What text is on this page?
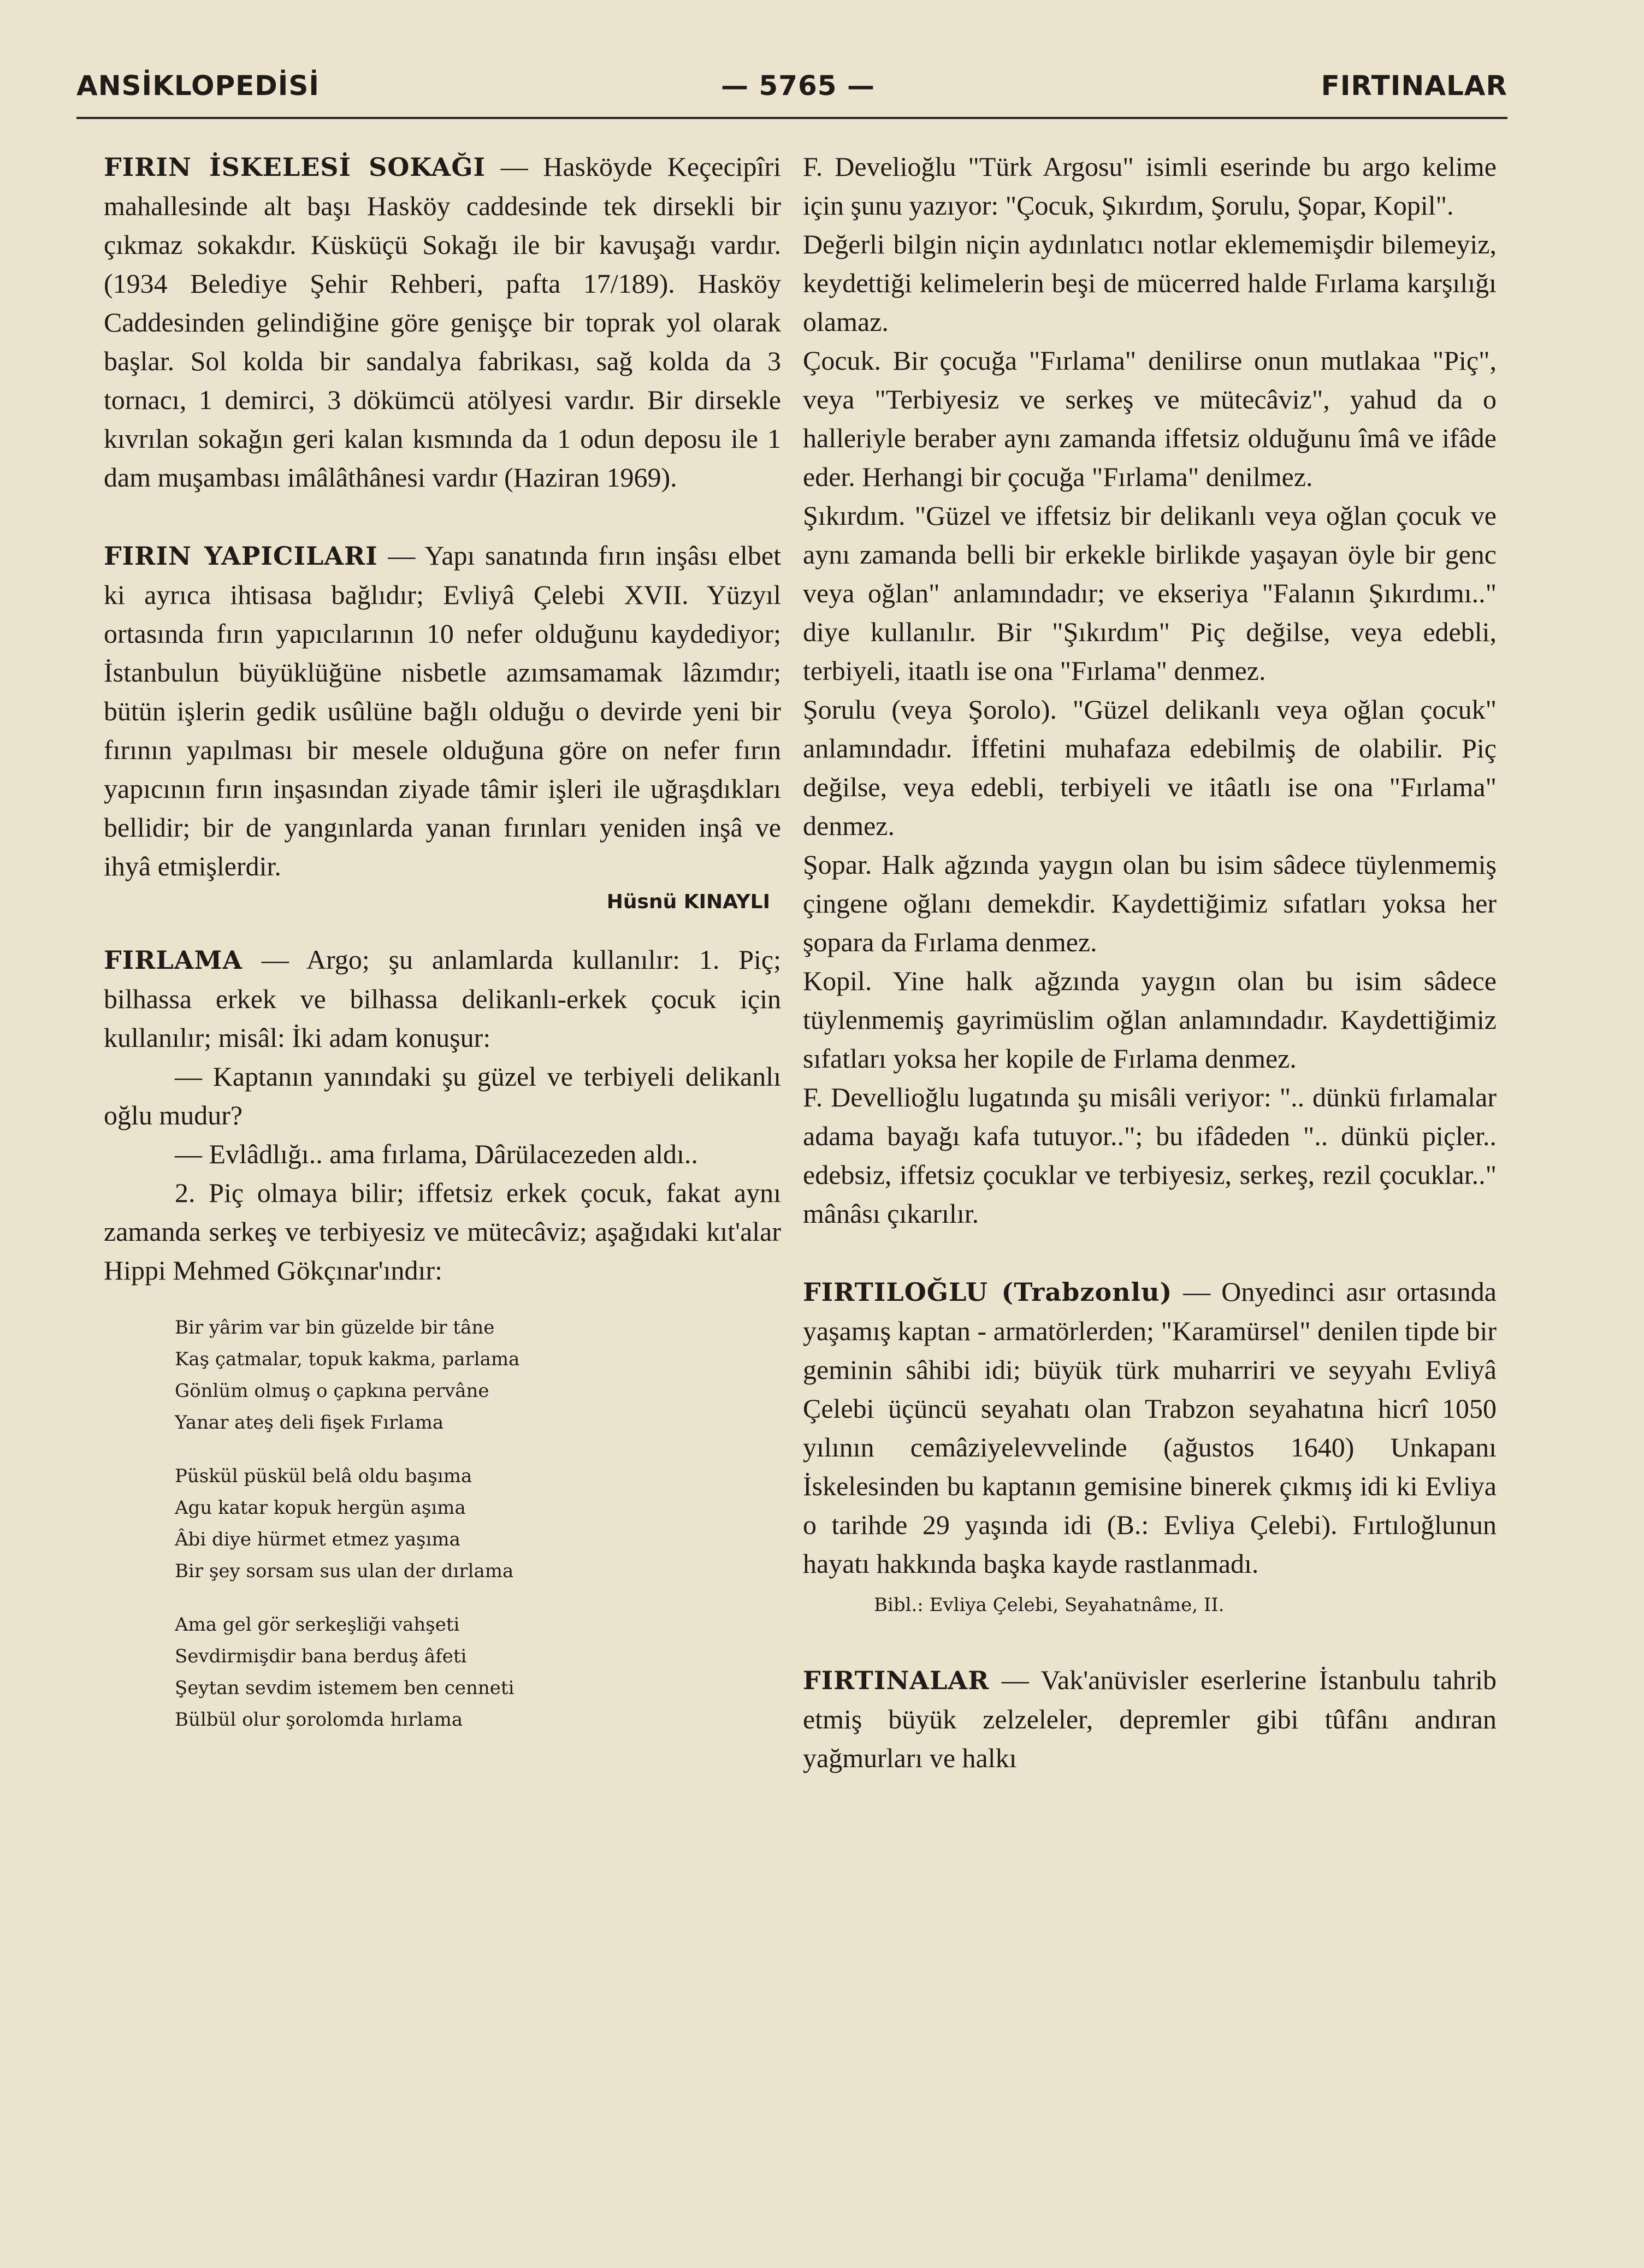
ANSİKLOPEDİSİ	— 5765 —	FIRTINALAR

FIRIN İSKELESİ SOKAĞI — Hasköyde Keçecipîri mahallesinde alt başı Hasköy caddesinde tek dirsekli bir çıkmaz sokakdır. Küsküçü Sokağı ile bir kavuşağı vardır. (1934 Belediye Şehir Rehberi, pafta 17/189). Hasköy Caddesinden gelindiğine göre genişçe bir toprak yol olarak başlar. Sol kolda bir sandalya fabrikası, sağ kolda da 3 tornacı, 1 demirci, 3 dökümcü atölyesi vardır. Bir dirsekle kıvrılan sokağın geri kalan kısmında da 1 odun deposu ile 1 dam muşambası imâlâthânesi vardır (Haziran 1969).

FIRIN YAPICILARI — Yapı sanatında fırın inşâsı elbet ki ayrıca ihtisasa bağlıdır; Evliyâ Çelebi XVII. Yüzyıl ortasında fırın yapıcılarının 10 nefer olduğunu kaydediyor; İstanbulun büyüklüğüne nisbetle azımsamamak lâzımdır; bütün işlerin gedik usûlüne bağlı olduğu o devirde yeni bir fırının yapılması bir mesele olduğuna göre on nefer fırın yapıcının fırın inşasından ziyade tâmir işleri ile uğraşdıkları bellidir; bir de yangınlarda yanan fırınları yeniden inşâ ve ihyâ etmişlerdir.

Hüsnü KINAYLI

FIRLAMA — Argo; şu anlamlarda kullanılır: 1. Piç; bilhassa erkek ve bilhassa delikanlı-erkek çocuk için kullanılır; misâl: İki adam konuşur:

— Kaptanın yanındaki şu güzel ve terbiyeli delikanlı oğlu mudur?

— Evlâdlığı.. ama fırlama, Dârülacezeden aldı..

2. Piç olmaya bilir; iffetsiz erkek çocuk, fakat aynı zamanda serkeş ve terbiyesiz ve mütecâviz; aşağıdaki kıt'alar Hippi Mehmed Gökçınar'ındır:

Bir yârim var bin güzelde bir tâne
Kaş çatmalar, topuk kakma, parlama
Gönlüm olmuş o çapkına pervâne
Yanar ateş deli fişek Fırlama
Püskül püskül belâ oldu başıma
Agu katar kopuk hergün aşıma
Âbi diye hürmet etmez yaşıma
Bir şey sorsam sus ulan der dırlama
Ama gel gör serkeşliği vahşeti
Sevdirmişdir bana berduş âfeti
Şeytan sevdim istemem ben cenneti
Bülbül olur şorolomda hırlama

F. Develioğlu "Türk Argosu" isimli eserinde bu argo kelime için şunu yazıyor: "Çocuk, Şıkırdım, Şorulu, Şopar, Kopil".

Değerli bilgin niçin aydınlatıcı notlar eklememişdir bilemeyiz, keydettiği kelimelerin beşi de mücerred halde Fırlama karşılığı olamaz.

Çocuk. Bir çocuğa "Fırlama" denilirse onun mutlakaa "Piç", veya "Terbiyesiz ve serkeş ve mütecâviz", yahud da o halleriyle beraber aynı zamanda iffetsiz olduğunu îmâ ve ifâde eder. Herhangi bir çocuğa "Fırlama" denilmez.

Şıkırdım. "Güzel ve iffetsiz bir delikanlı veya oğlan çocuk ve aynı zamanda belli bir erkekle birlikde yaşayan öyle bir genc veya oğlan" anlamındadır; ve ekseriya "Falanın Şıkırdımı.." diye kullanılır. Bir "Şıkırdım" Piç değilse, veya edebli, terbiyeli, itaatlı ise ona "Fırlama" denmez.

Şorulu (veya Şorolo). "Güzel delikanlı veya oğlan çocuk" anlamındadır. İffetini muhafaza edebilmiş de olabilir. Piç değilse, veya edebli, terbiyeli ve itâatlı ise ona "Fırlama" denmez.

Şopar. Halk ağzında yaygın olan bu isim sâdece tüylenmemiş çingene oğlanı demekdir. Kaydettiğimiz sıfatları yoksa her şopara da Fırlama denmez.

Kopil. Yine halk ağzında yaygın olan bu isim sâdece tüylenmemiş gayrimüslim oğlan anlamındadır. Kaydettiğimiz sıfatları yoksa her kopile de Fırlama denmez.

F. Devellioğlu lugatında şu misâli veriyor: ".. dünkü fırlamalar adama bayağı kafa tutuyor.."; bu ifâdeden ".. dünkü piçler.. edebsiz, iffetsiz çocuklar ve terbiyesiz, serkeş, rezil çocuklar.." mânâsı çıkarılır.

FIRTILOĞLU (Trabzonlu) — Onyedinci asır ortasında yaşamış kaptan - armatörlerden; "Karamürsel" denilen tipde bir geminin sâhibi idi; büyük türk muharriri ve seyyahı Evliyâ Çelebi üçüncü seyahatı olan Trabzon seyahatına hicrî 1050 yılının cemâziyelevvelinde (ağustos 1640) Unkapanı İskelesinden bu kaptanın gemisine binerek çıkmış idi ki Evliya o tarihde 29 yaşında idi (B.: Evliya Çelebi). Fırtıloğlunun hayatı hakkında başka kayde rastlanmadı.

Bibl.: Evliya Çelebi, Seyahatnâme, II.

FIRTINALAR — Vak'anüvisler eserlerine İstanbulu tahrib etmiş büyük zelzeleler, depremler gibi tûfânı andıran yağmurları ve halkı
